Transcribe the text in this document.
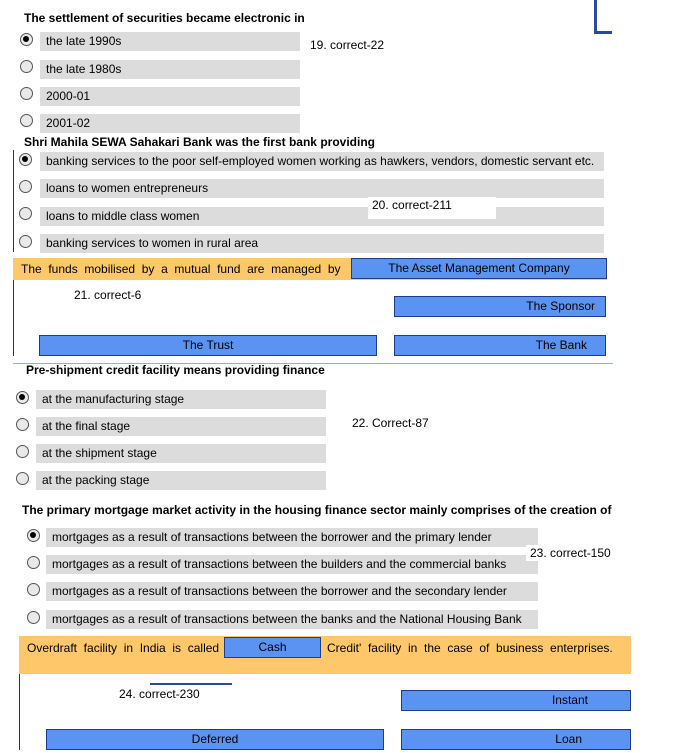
The settlement of securities became electronic in
the late 1990s
the late 1980s
2000-01
2001-02
19. correct-22
Shri Mahila SEWA Sahakari Bank was the first bank providing
banking services to the poor self-employed women working as hawkers, vendors, domestic servant etc.
loans to women entrepreneurs
loans to middle class women
banking services to women in rural area
20. correct-211
The  funds  mobilised  by  a  mutual  fund  are  managed  by	The Asset Management Company
21. correct-6
The Sponsor
The Trust	The Bank
Pre-shipment credit facility means providing finance
at the manufacturing stage
at the final stage
at the shipment stage
at the packing stage
22. Correct-87
The primary mortgage market activity in the housing finance sector mainly comprises of the creation of
mortgages as a result of transactions between the borrower and the primary lender
mortgages as a result of transactions between the builders and the commercial banks
mortgages as a result of transactions between the borrower and the secondary lender
mortgages as a result of transactions between the banks and the National Housing Bank
23. correct-150
Overdraft  facility  in  India  is  called	Cash	Credit'  facility  in  the  case  of  business  enterprises.
24. correct-230	Instant
Deferred	Loan
